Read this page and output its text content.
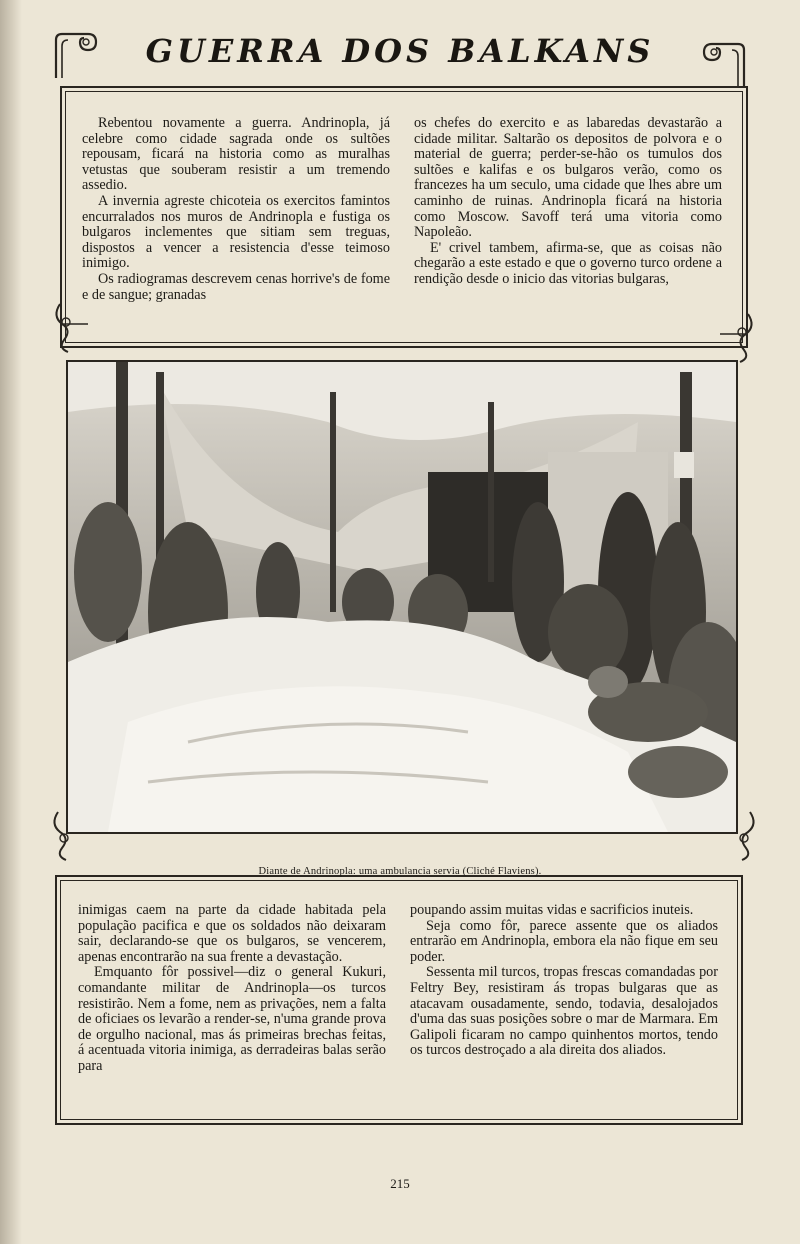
GUERRA DOS BALKANS

Rebentou novamente a guerra. Andrinopla, já celebre como cidade sagrada onde os sultões repousam, ficará na historia como as muralhas vetustas que souberam resistir a um tremendo assedio.

A invernia agreste chicoteia os exercitos famintos encurralados nos muros de Andrinopla e fustiga os bulgaros inclementes que sitiam sem treguas, dispostos a vencer a resistencia d'esse teimoso inimigo.

Os radiogramas descrevem cenas horrive's de fome e de sangue; granadas

os chefes do exercito e as labaredas devastarão a cidade militar. Saltarão os depositos de polvora e o material de guerra; perder-se-hão os tumulos dos sultões e kalifas e os bulgaros verão, como os francezes ha um seculo, uma cidade que lhes abre um caminho de ruinas. Andrinopla ficará na historia como Moscow. Savoff terá uma vitoria como Napoleão.

E' crivel tambem, afirma-se, que as coisas não chegarão a este estado e que o governo turco ordene a rendição desde o inicio das vitorias bulgaras,

Diante de Andrinopla: uma ambulancia servia (Cliché Flaviens).

inimigas caem na parte da cidade habitada pela população pacifica e que os soldados não deixaram sair, declarando-se que os bulgaros, se vencerem, apenas encontrarão na sua frente a devastação.

Emquanto fôr possivel—diz o general Kukuri, comandante militar de Andrinopla—os turcos resistirão. Nem a fome, nem as privações, nem a falta de oficiaes os levarão a render-se, n'uma grande prova de orgulho nacional, mas ás primeiras brechas feitas, á acentuada vitoria inimiga, as derradeiras balas serão para

poupando assim muitas vidas e sacrificios inuteis.

Seja como fôr, parece assente que os aliados entrarão em Andrinopla, embora ela não fique em seu poder.

Sessenta mil turcos, tropas frescas comandadas por Feltry Bey, resistiram ás tropas bulgaras que as atacavam ousadamente, sendo, todavia, desalojados d'uma das suas posições sobre o mar de Marmara. Em Galipoli ficaram no campo quinhentos mortos, tendo os turcos destroçado a ala direita dos aliados.

215
